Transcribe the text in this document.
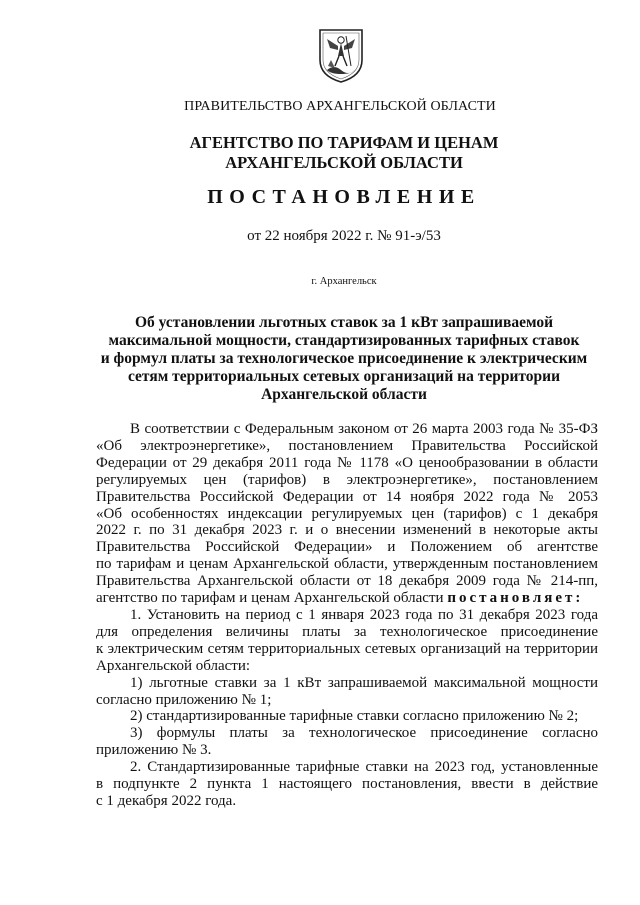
ПРАВИТЕЛЬСТВО АРХАНГЕЛЬСКОЙ ОБЛАСТИ
АГЕНТСТВО ПО ТАРИФАМ И ЦЕНАМ
АРХАНГЕЛЬСКОЙ ОБЛАСТИ
ПОСТАНОВЛЕНИЕ
от 22 ноября 2022 г. № 91-э/53
г. Архангельск
Об установлении льготных ставок за 1 кВт запрашиваемой
максимальной мощности, стандартизированных тарифных ставок
и формул платы за технологическое присоединение к электрическим
сетям территориальных сетевых организаций на территории
Архангельской области

В соответствии с Федеральным законом от 26 марта 2003 года № 35-ФЗ
«Об электроэнергетике», постановлением Правительства Российской
Федерации от 29 декабря 2011 года № 1178 «О ценообразовании в области
регулируемых цен (тарифов) в электроэнергетике», постановлением
Правительства Российской Федерации от 14 ноября 2022 года № 2053
«Об особенностях индексации регулируемых цен (тарифов) с 1 декабря
2022 г. по 31 декабря 2023 г. и о внесении изменений в некоторые акты
Правительства Российской Федерации» и Положением об агентстве
по тарифам и ценам Архангельской области, утвержденным постановлением
Правительства Архангельской области от 18 декабря 2009 года № 214-пп,
агентство по тарифам и ценам Архангельской области постановляет:

1. Установить на период с 1 января 2023 года по 31 декабря 2023 года
для определения величины платы за технологическое присоединение
к электрическим сетям территориальных сетевых организаций на территории
Архангельской области:

1) льготные ставки за 1 кВт запрашиваемой максимальной мощности
согласно приложению № 1;

2) стандартизированные тарифные ставки согласно приложению № 2;

3) формулы платы за технологическое присоединение согласно
приложению № 3.

2. Стандартизированные тарифные ставки на 2023 год, установленные
в подпункте 2 пункта 1 настоящего постановления, ввести в действие
с 1 декабря 2022 года.
